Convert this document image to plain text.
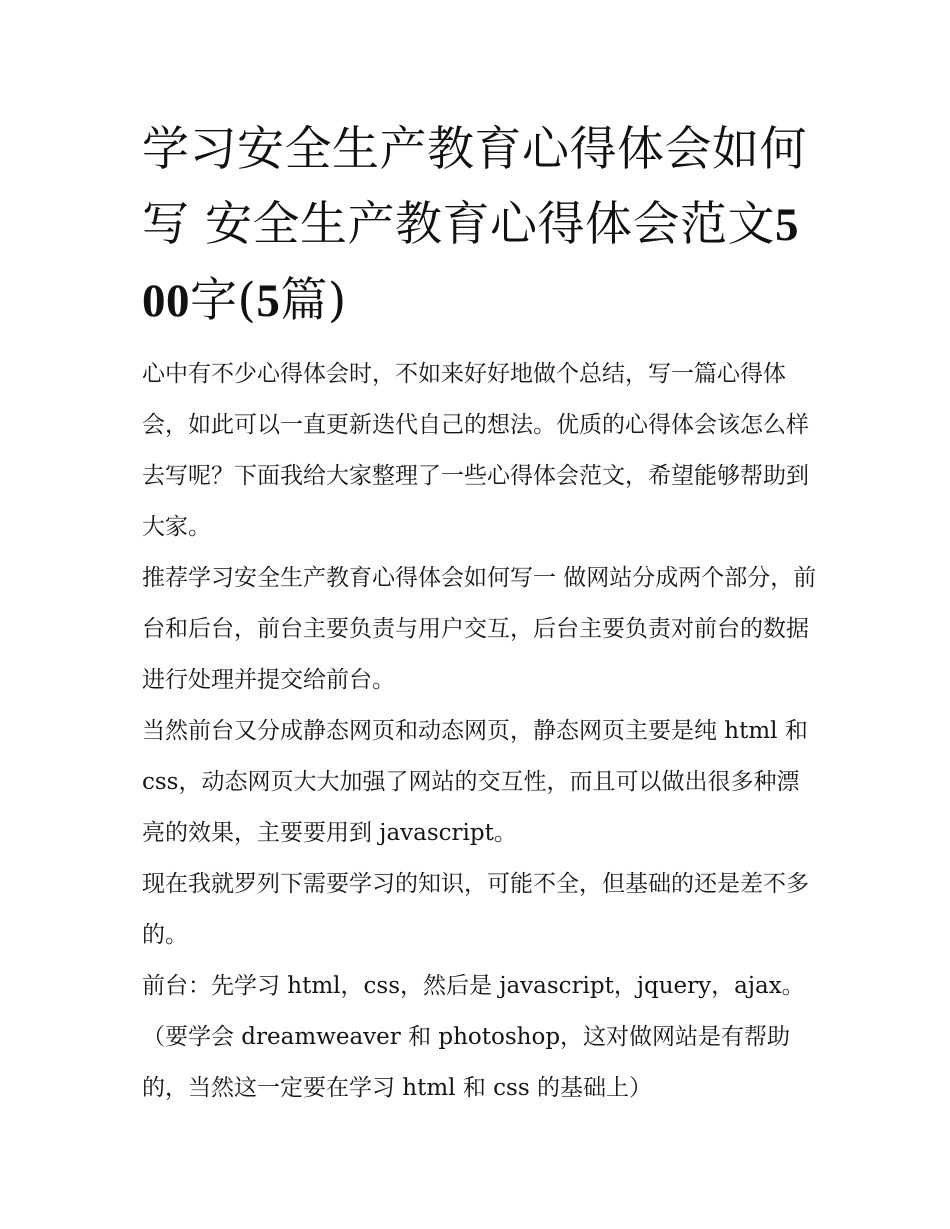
学习安全生产教育心得体会如何写 安全生产教育心得体会范文500字(5篇)

心中有不少心得体会时，不如来好好地做个总结，写一篇心得体会，如此可以一直更新迭代自己的想法。优质的心得体会该怎么样去写呢？下面我给大家整理了一些心得体会范文，希望能够帮助到大家。

推荐学习安全生产教育心得体会如何写一 做网站分成两个部分，前台和后台，前台主要负责与用户交互，后台主要负责对前台的数据进行处理并提交给前台。

当然前台又分成静态网页和动态网页，静态网页主要是纯 html 和 css，动态网页大大加强了网站的交互性，而且可以做出很多种漂亮的效果，主要要用到 javascript。

现在我就罗列下需要学习的知识，可能不全，但基础的还是差不多的。

前台：先学习 html，css，然后是 javascript，jquery，ajax。

（要学会 dreamweaver 和 photoshop，这对做网站是有帮助的，当然这一定要在学习 html 和 css 的基础上）
